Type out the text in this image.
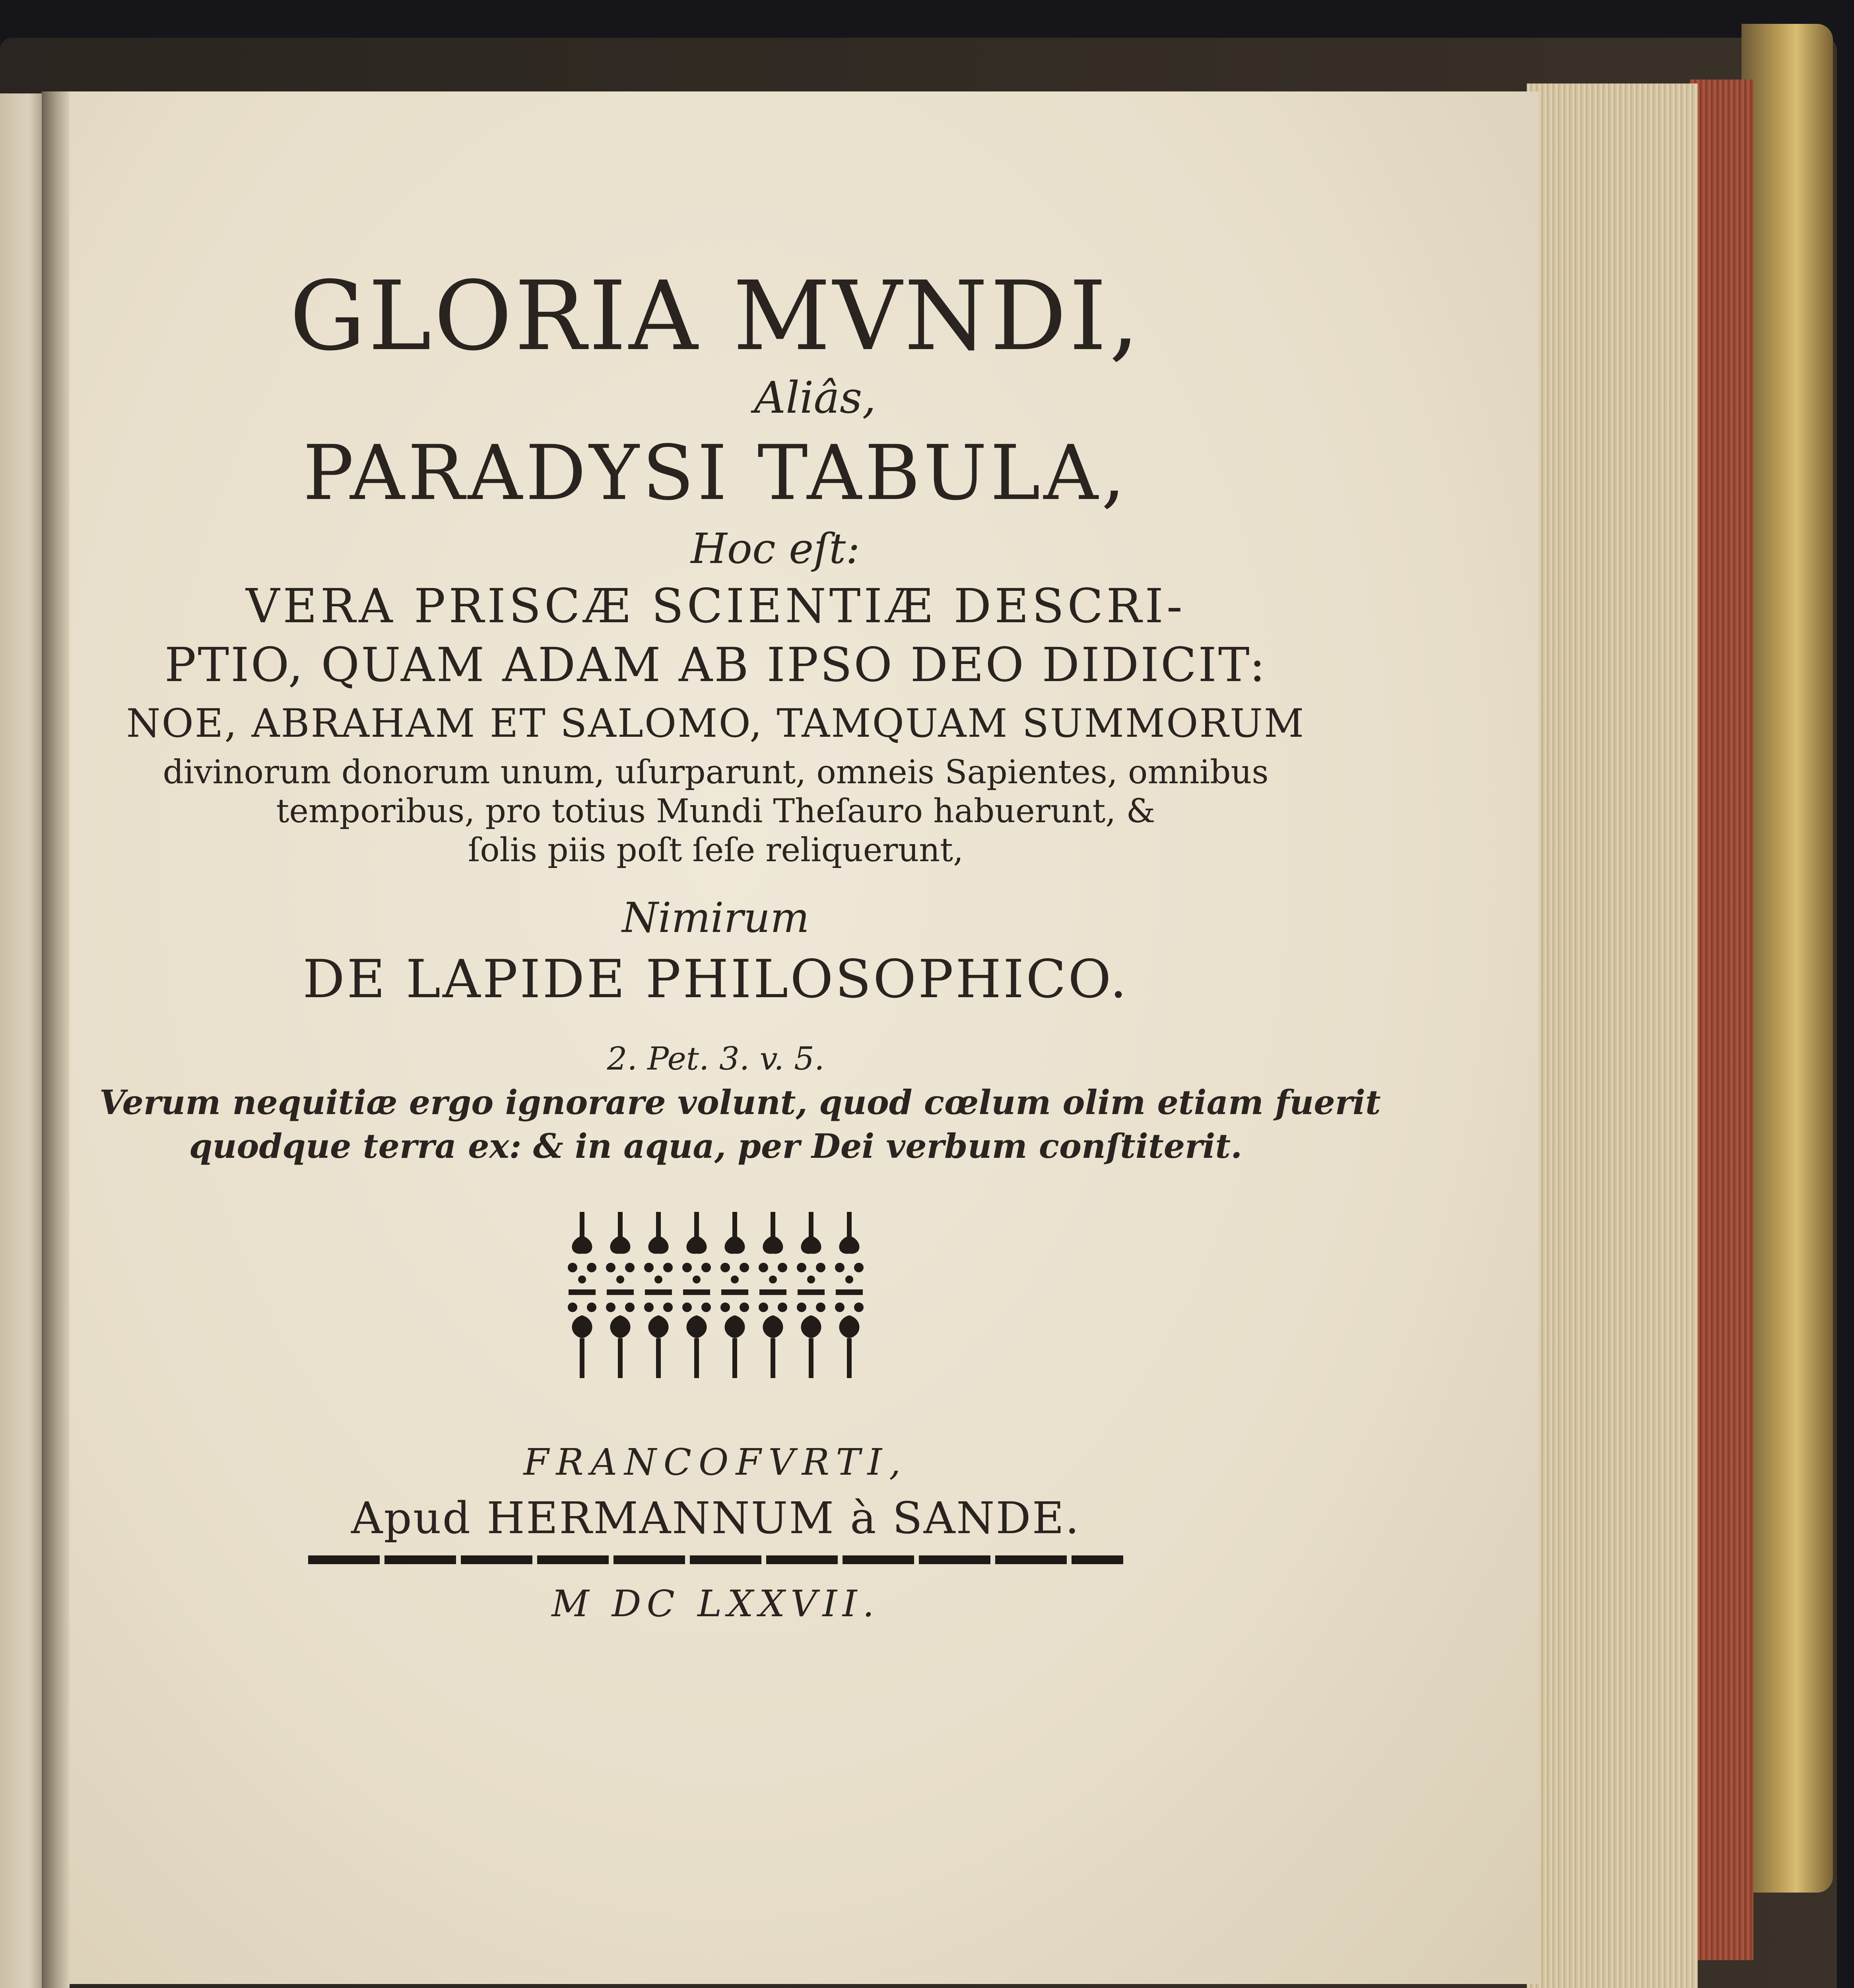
GLORIA MVNDI,
Aliâs,
PARADYSI TABULA,
Hoc eſt:
VERA PRISCÆ SCIENTIÆ DESCRI-
PTIO, QUAM ADAM AB IPSO DEO DIDICIT:
NOE, ABRAHAM ET SALOMO, TAMQUAM SUMMORUM
divinorum donorum unum, uſurparunt, omneis Sapientes, omnibus
temporibus, pro totius Mundi Theſauro habuerunt, &
ſolis piis poſt ſeſe reliquerunt,
Nimirum
DE LAPIDE PHILOSOPHICO.
2. Pet. 3. v. 5.
Verum nequitiæ ergo ignorare volunt, quod cœlum olim etiam fuerit
quodque terra ex: & in aqua, per Dei verbum conſtiterit.
FRANCOFVRTI,
Apud HERMANNUM à SANDE.
M DC LXXVII.
